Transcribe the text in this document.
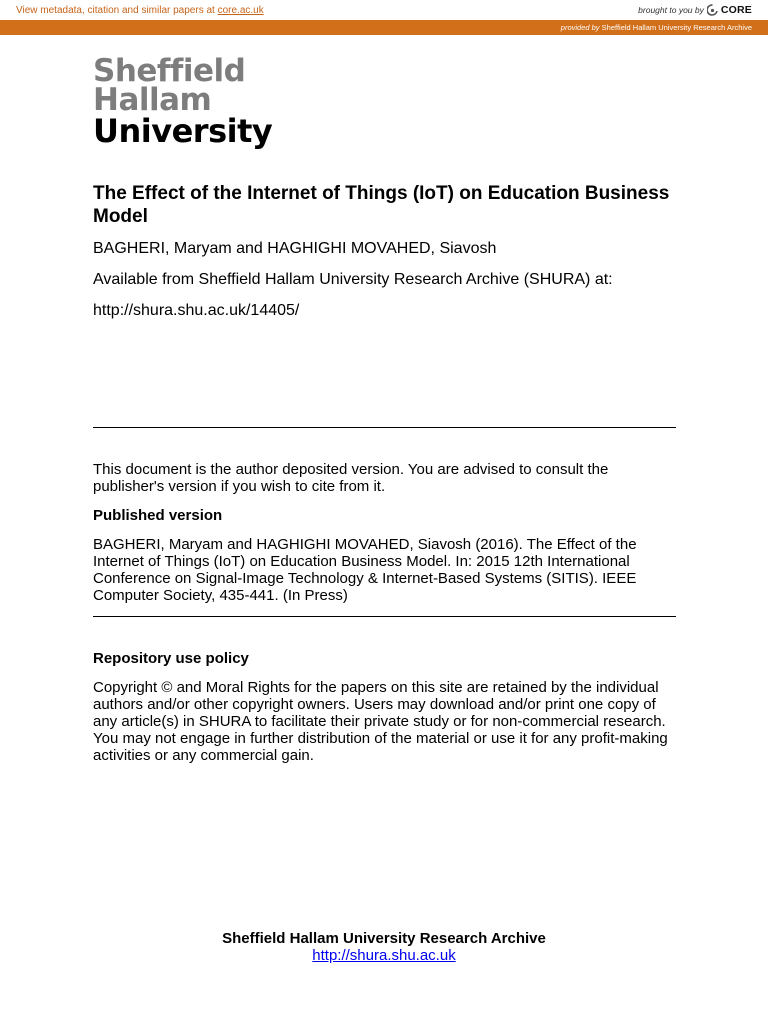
View metadata, citation and similar papers at core.ac.uk	brought to you by CORE
provided by Sheffield Hallam University Research Archive
Sheffield
Hallam
University
The Effect of the Internet of Things (IoT) on Education Business Model

BAGHERI, Maryam and HAGHIGHI MOVAHED, Siavosh

Available from Sheffield Hallam University Research Archive (SHURA) at:

http://shura.shu.ac.uk/14405/

This document is the author deposited version. You are advised to consult the publisher's version if you wish to cite from it.

Published version

BAGHERI, Maryam and HAGHIGHI MOVAHED, Siavosh (2016). The Effect of the Internet of Things (IoT) on Education Business Model. In: 2015 12th International Conference on Signal-Image Technology & Internet-Based Systems (SITIS). IEEE Computer Society, 435-441. (In Press)

Repository use policy

Copyright © and Moral Rights for the papers on this site are retained by the individual authors and/or other copyright owners. Users may download and/or print one copy of any article(s) in SHURA to facilitate their private study or for non-commercial research. You may not engage in further distribution of the material or use it for any profit-making activities or any commercial gain.

Sheffield Hallam University Research Archive
http://shura.shu.ac.uk
